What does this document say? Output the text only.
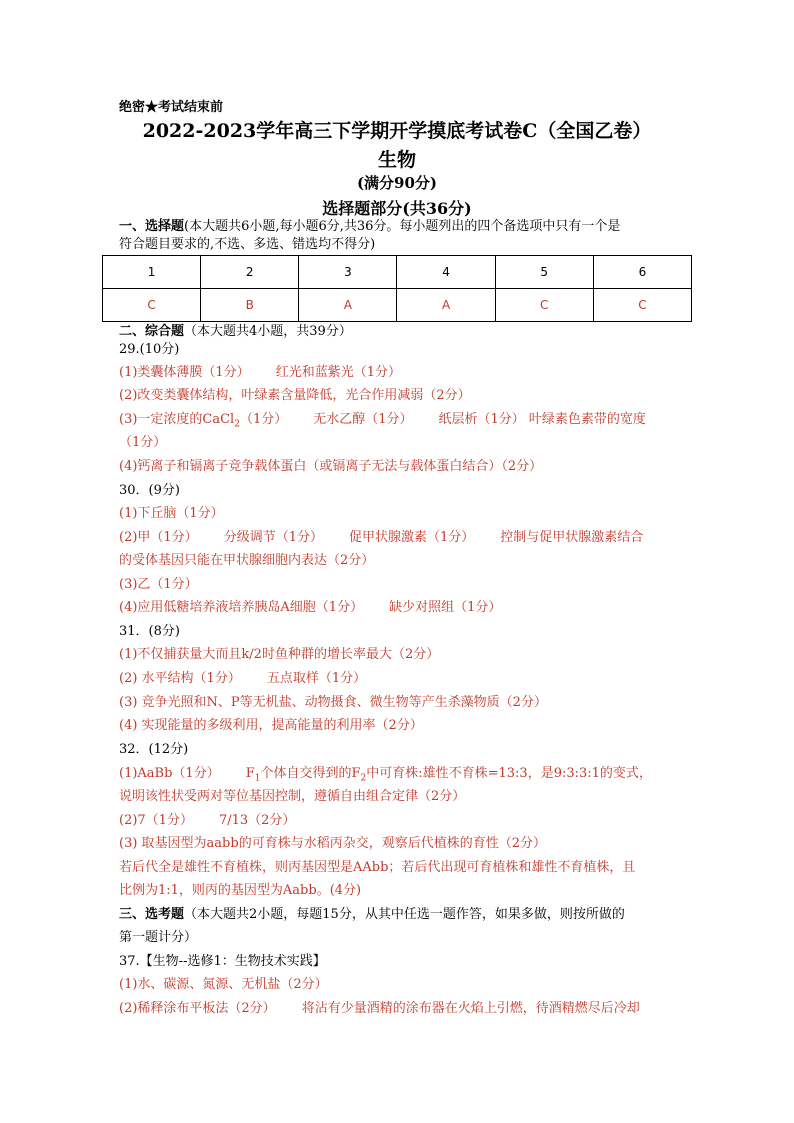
绝密★考试结束前
2022-2023学年高三下学期开学摸底考试卷C（全国乙卷）
生物
(满分90分)
选择题部分(共36分)
一、选择题(本大题共6小题,每小题6分,共36分。每小题列出的四个备选项中只有一个是
符合题目要求的,不选、多选、错选均不得分)
1	2	3	4	5	6
C	B	A	A	C	C
二、综合题（本大题共4小题，共39分）
29.(10分)
(1)类囊体薄膜（1分） 红光和蓝紫光（1分）
(2)改变类囊体结构，叶绿素含量降低，光合作用减弱（2分）
(3)一定浓度的CaCl$_2$（1分） 无水乙醇（1分） 纸层析（1分） 叶绿素色素带的宽度
（1分）
(4)钙离子和镉离子竞争载体蛋白（或镉离子无法与载体蛋白结合）（2分）
30．(9分)
(1)下丘脑（1分）
(2)甲（1分） 分级调节（1分） 促甲状腺激素（1分） 控制与促甲状腺激素结合
的受体基因只能在甲状腺细胞内表达（2分）
(3)乙（1分）
(4)应用低糖培养液培养胰岛A细胞（1分） 缺少对照组（1分）
31．(8分)
(1)不仅捕获量大而且k/2时鱼种群的增长率最大（2分）
(2) 水平结构（1分） 五点取样（1分）
(3) 竞争光照和N、P等无机盐、动物摄食、微生物等产生杀藻物质（2分）
(4) 实现能量的多级利用，提高能量的利用率（2分）
32．(12分)
(1)AaBb（1分） $F_1$个体自交得到的$F_2$中可育株:雄性不育株=13:3，是9:3:3:1的变式，
说明该性状受两对等位基因控制，遵循自由组合定律（2分）
(2)7（1分） 7/13（2分）
(3) 取基因型为aabb的可育株与水稻丙杂交，观察后代植株的育性（2分）
若后代全是雄性不育植株，则丙基因型是AAbb；若后代出现可育植株和雄性不育植株，且
比例为1:1，则丙的基因型为Aabb。(4分)
三、选考题（本大题共2小题，每题15分，从其中任选一题作答，如果多做，则按所做的
第一题计分）
37.【生物--选修1：生物技术实践】
(1)水、碳源、氮源、无机盐（2分）
(2)稀释涂布平板法（2分） 将沾有少量酒精的涂布器在火焰上引燃，待酒精燃尽后冷却
